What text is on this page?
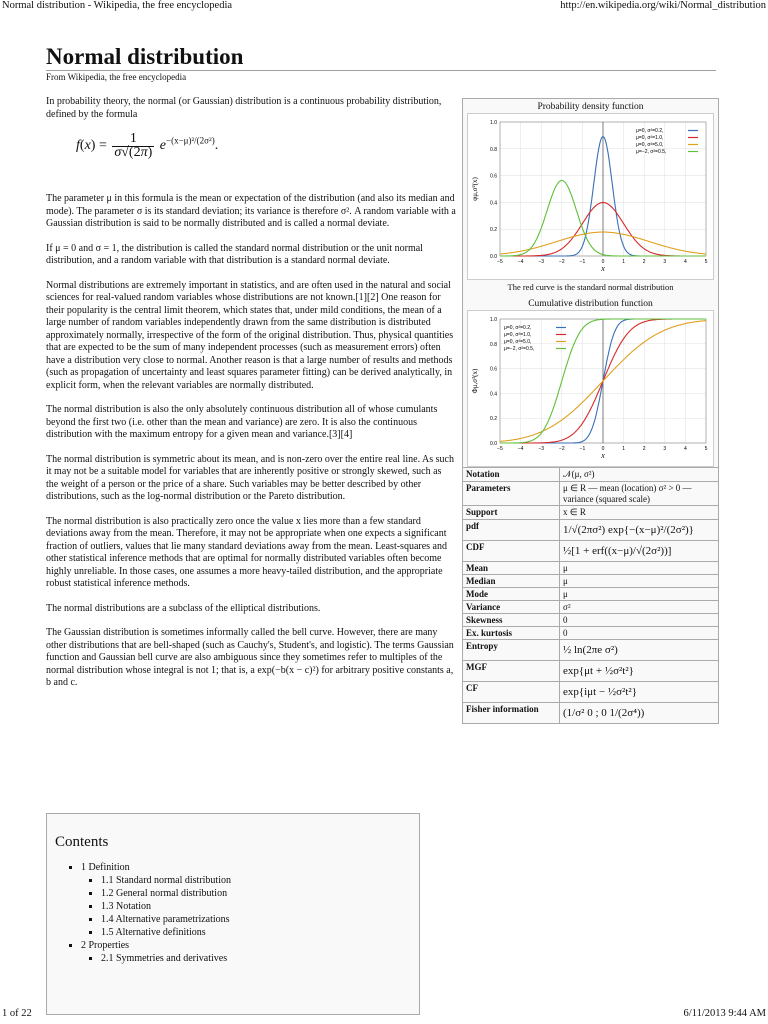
Normal distribution - Wikipedia, the free encyclopedia	http://en.wikipedia.org/wiki/Normal_distribution
Normal distribution
From Wikipedia, the free encyclopedia

In probability theory, the normal (or Gaussian) distribution is a continuous probability distribution, defined by the formula

$f(x) = \frac{1}{\sigma√(2\pi)} e^{-(x-\mu)^2/(2\sigma^2)}$.

The parameter μ in this formula is the mean or expectation of the distribution (and also its median and mode). The parameter σ is its standard deviation; its variance is therefore σ². A random variable with a Gaussian distribution is said to be normally distributed and is called a normal deviate.

If μ = 0 and σ = 1, the distribution is called the standard normal distribution or the unit normal distribution, and a random variable with that distribution is a standard normal deviate.

Normal distributions are extremely important in statistics, and are often used in the natural and social sciences for real-valued random variables whose distributions are not known.[1][2] One reason for their popularity is the central limit theorem, which states that, under mild conditions, the mean of a large number of random variables independently drawn from the same distribution is distributed approximately normally, irrespective of the form of the original distribution. Thus, physical quantities that are expected to be the sum of many independent processes (such as measurement errors) often have a distribution very close to normal. Another reason is that a large number of results and methods (such as propagation of uncertainty and least squares parameter fitting) can be derived analytically, in explicit form, when the relevant variables are normally distributed.

The normal distribution is also the only absolutely continuous distribution all of whose cumulants beyond the first two (i.e. other than the mean and variance) are zero. It is also the continuous distribution with the maximum entropy for a given mean and variance.[3][4]

The normal distribution is symmetric about its mean, and is non-zero over the entire real line. As such it may not be a suitable model for variables that are inherently positive or strongly skewed, such as the weight of a person or the price of a share. Such variables may be better described by other distributions, such as the log-normal distribution or the Pareto distribution.

The normal distribution is also practically zero once the value x lies more than a few standard deviations away from the mean. Therefore, it may not be appropriate when one expects a significant fraction of outliers, values that lie many standard deviations away from the mean. Least-squares and other statistical inference methods that are optimal for normally distributed variables often become highly unreliable. In those cases, one assumes a more heavy-tailed distribution, and the appropriate robust statistical inference methods.

The normal distributions are a subclass of the elliptical distributions.

The Gaussian distribution is sometimes informally called the bell curve. However, there are many other distributions that are bell-shaped (such as Cauchy's, Student's, and logistic). The terms Gaussian function and Gaussian bell curve are also ambiguous since they sometimes refer to multiples of the normal distribution whose integral is not 1; that is, a exp(−b(x − c)²) for arbitrary positive constants a, b and c.

Probability density function
0.0
0.2
0.4
0.6
0.8
1.0
−5	−4	−3	−2	−1	0	1	2	3	4	5
x
φμ,σ²(x)
μ=0, σ²=0.2,
μ=0, σ²=1.0,
μ=0, σ²=5.0,
μ=−2, σ²=0.5,
The red curve is the standard normal distribution
Cumulative distribution function
0.0
0.2
0.4
0.6
0.8
1.0
−5	−4	−3	−2	−1	0	1	2	3	4	5
x
Φμ,σ²(x)
μ=0, σ²=0.2,
μ=0, σ²=1.0,
μ=0, σ²=5.0,
μ=−2, σ²=0.5,
Notation	𝒩(μ, σ²)
Parameters	μ ∈ R — mean (location) σ² > 0 — variance (squared scale)
Support	x ∈ R
pdf	1/√(2πσ²) exp{−(x−μ)²/(2σ²)}
CDF	½[1 + erf((x−μ)/√(2σ²))]
Mean	μ
Median	μ
Mode	μ
Variance	σ²
Skewness	0
Ex. kurtosis	0
Entropy	½ ln(2πe σ²)
MGF	exp{μt + ½σ²t²}
CF	exp{iμt − ½σ²t²}
Fisher information	(1/σ² 0 ; 0 1/(2σ⁴))
Contents
▪ 1 Definition
▪ 1.1 Standard normal distribution
▪ 1.2 General normal distribution
▪ 1.3 Notation
▪ 1.4 Alternative parametrizations
▪ 1.5 Alternative definitions
▪ 2 Properties
▪ 2.1 Symmetries and derivatives
1 of 22	6/11/2013 9:44 AM
